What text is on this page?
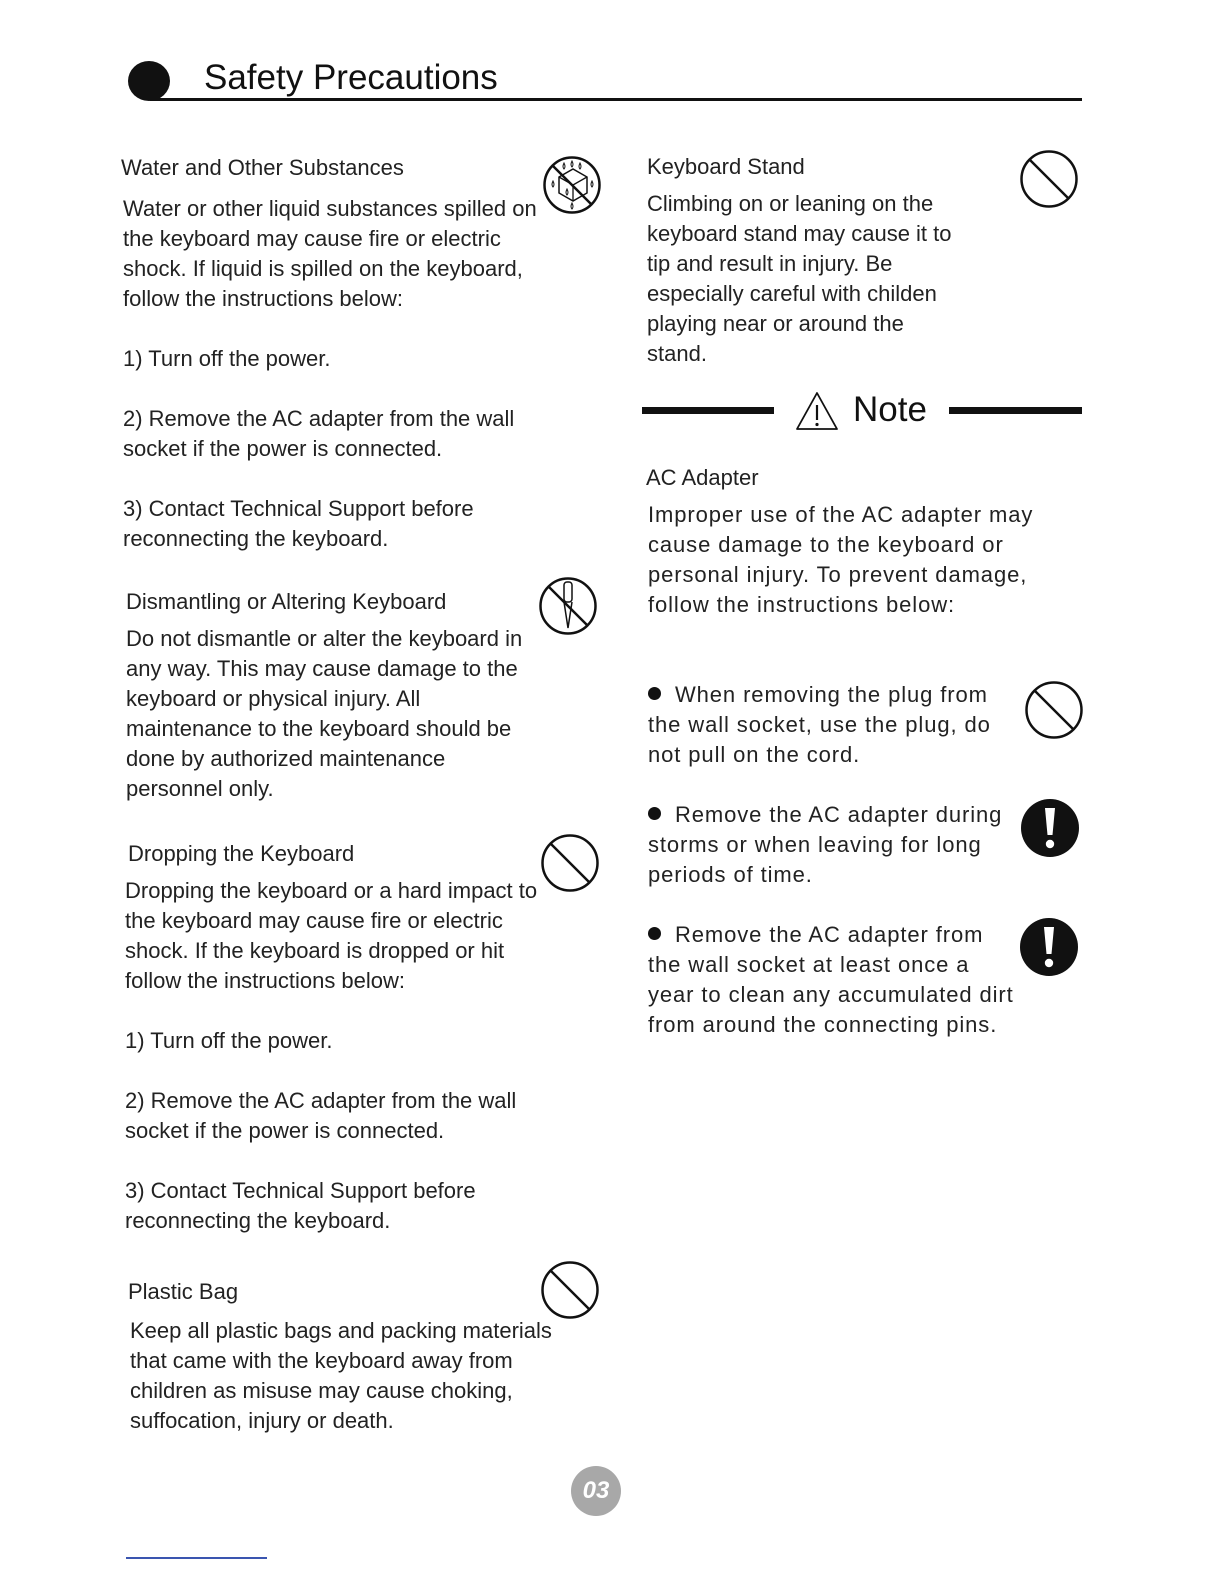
Safety Precautions
Water and Other Substances

Water or other liquid substances spilled on the keyboard may cause fire or electric shock. If liquid is spilled on the keyboard, follow the instructions below:

1) Turn off the power.

2) Remove the AC adapter from the wall socket if the power is connected.

3) Contact Technical Support before reconnecting the keyboard.

Dismantling or Altering Keyboard

Do not dismantle or alter the keyboard in any way. This may cause damage to the keyboard or physical injury. All maintenance to the keyboard should be done by authorized maintenance personnel only.

Dropping the Keyboard

Dropping the keyboard or a hard impact to the keyboard may cause fire or electric shock. If the keyboard is dropped or hit follow the instructions below:

1) Turn off the power.

2) Remove the AC adapter from the wall socket if the power is connected.

3) Contact Technical Support before reconnecting the keyboard.

Plastic Bag

Keep all plastic bags and packing materials that came with the keyboard away from children as misuse may cause choking, suffocation, injury or death.

Keyboard Stand

Climbing on or leaning on the keyboard stand may cause it to tip and result in injury. Be especially careful with childen playing near or around the stand.

Note
AC Adapter

Improper use of the AC adapter may cause damage to the keyboard or personal injury. To prevent damage, follow the instructions below:

When removing the plug from the wall socket, use the plug, do not pull on the cord.

Remove the AC adapter during storms or when leaving for long periods of time.

Remove the AC adapter from the wall socket at least once a year to clean any accumulated dirt from around the connecting pins.

03
